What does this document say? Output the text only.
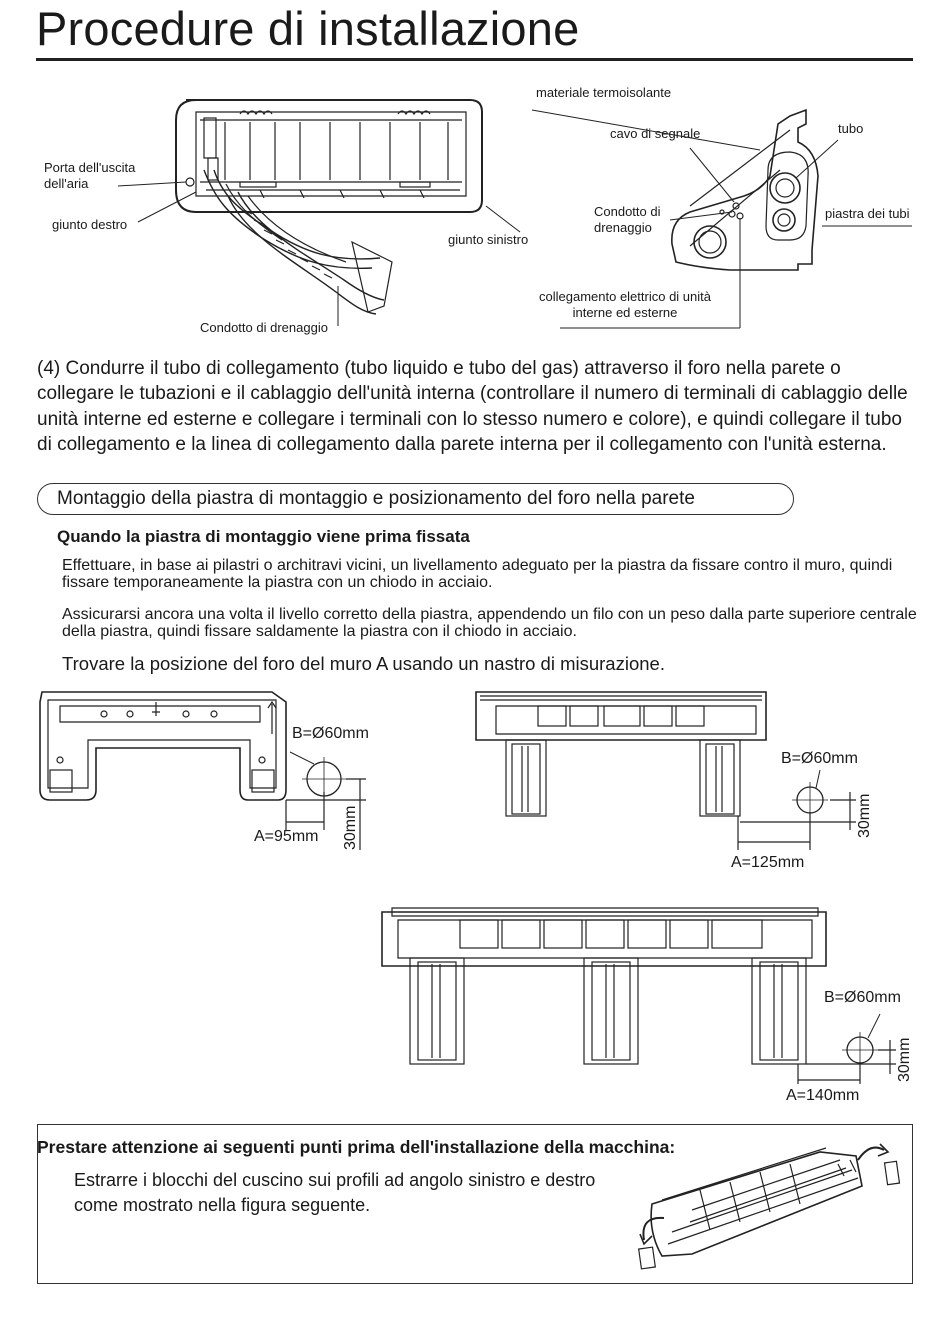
Procedure di installazione
Porta dell'uscita
dell'aria
giunto destro
giunto sinistro
Condotto di drenaggio
materiale termoisolante
cavo di segnale	tubo
Condotto di
drenaggio
piastra dei tubi
collegamento elettrico di unità
interne ed esterne
(4) Condurre il tubo di collegamento (tubo liquido e tubo del gas) attraverso il foro nella parete o collegare le tubazioni e il cablaggio dell'unità interna (controllare il numero di terminali di cablaggio delle unità interne ed esterne e collegare i terminali con lo stesso numero e colore), e quindi collegare il tubo di collegamento e la linea di collegamento dalla parete interna per il collegamento con l'unità esterna.
Montaggio della piastra di montaggio e posizionamento del foro nella parete
Quando la piastra di montaggio viene prima fissata
Effettuare, in base ai pilastri o architravi vicini, un livellamento adeguato per la piastra da fissare contro il muro, quindi fissare temporaneamente la piastra con un chiodo in acciaio.
Assicurarsi ancora una volta il livello corretto della piastra, appendendo un filo con un peso dalla parte superiore centrale della piastra, quindi fissare saldamente la piastra con il chiodo in acciaio.
Trovare la posizione del foro del muro A usando un nastro di misurazione.
B=Ø60mm
A=95mm 30mm
B=Ø60mm
A=125mm
30mm
B=Ø60mm
A=140mm
30mm
Prestare attenzione ai seguenti punti prima dell'installazione della macchina:
Estrarre i blocchi del cuscino sui profili ad angolo sinistro e destro come mostrato nella figura seguente.
